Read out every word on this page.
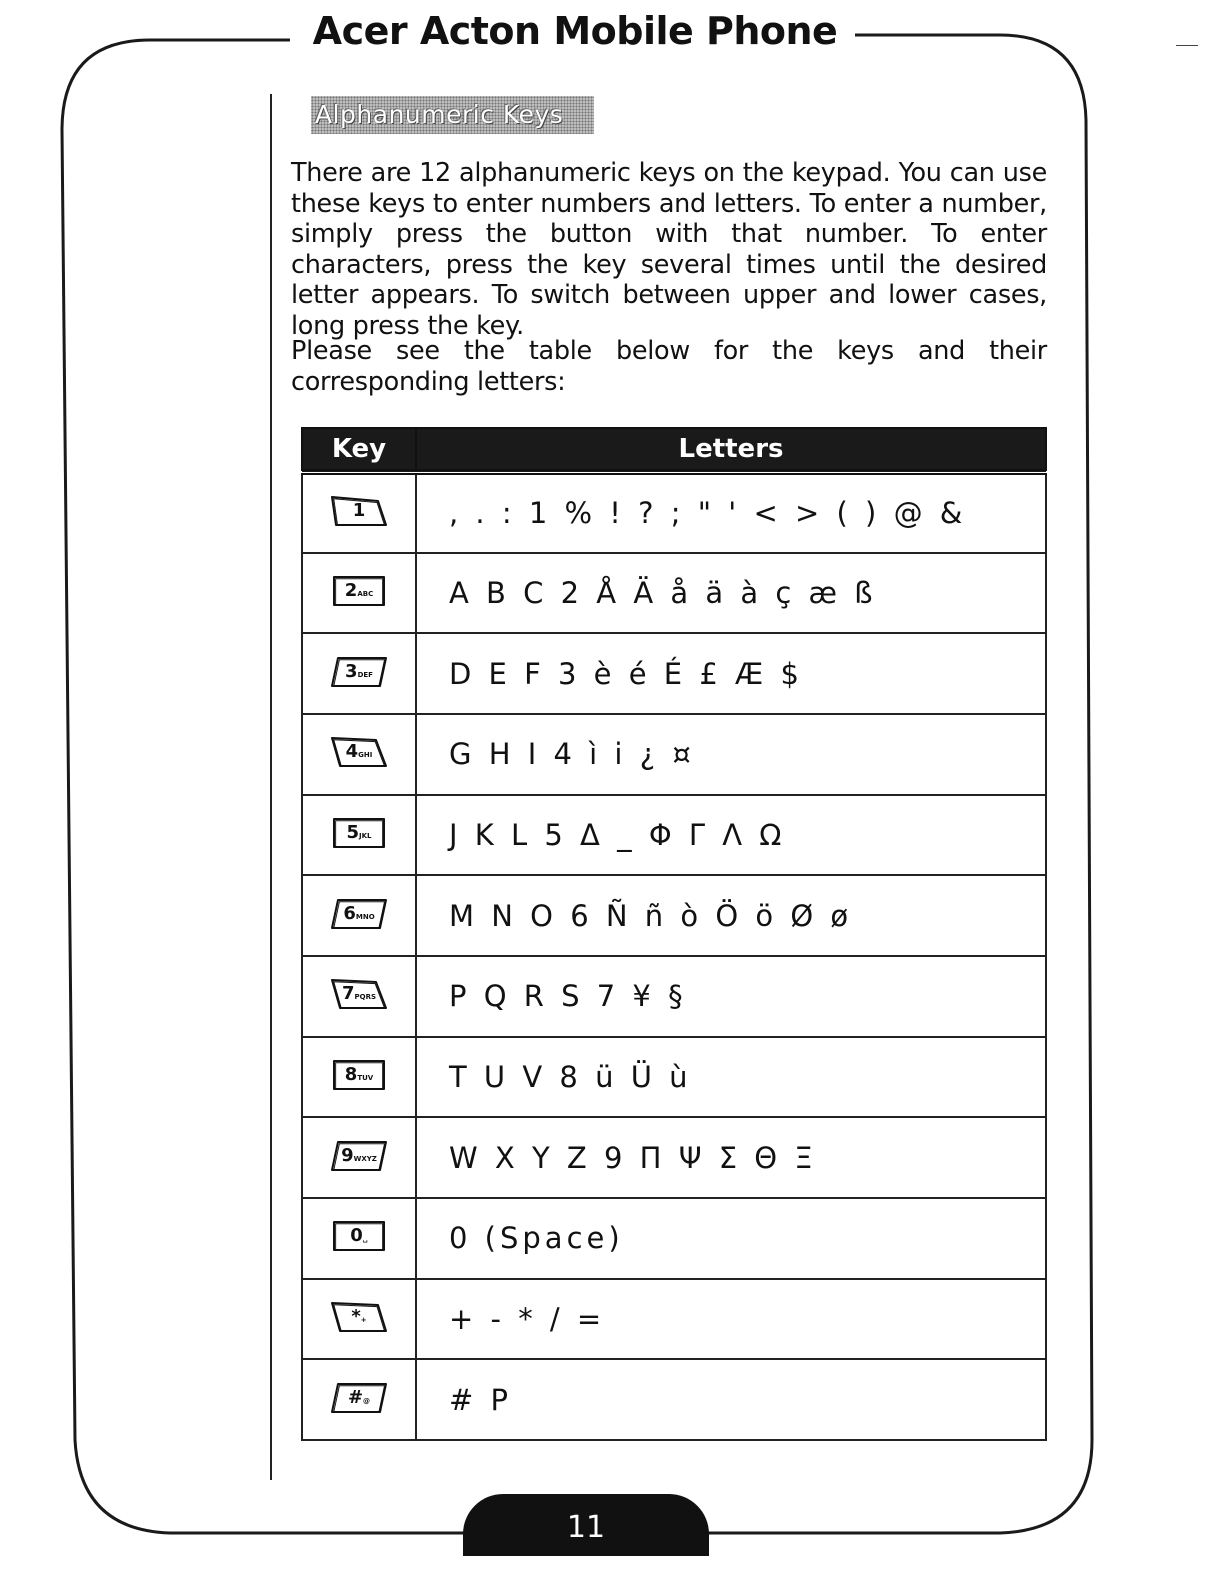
Acer Acton Mobile Phone
Alphanumeric Keys

There are 12 alphanumeric keys on the keypad. You can use these keys to enter numbers and letters. To enter a number, simply press the button with that number. To enter characters, press the key several times until the desired letter appears. To switch between upper and lower cases, long press the key.

Please see the table below for the keys and their corresponding letters:

Key	Letters

1	, . : 1 % ! ? ; " ' < > ( ) @ &

2ABC	A B C 2 Å Ä å ä à ç æ ß

3DEF	D E F 3 è é É £ Æ $

4GHI	G H I 4 ì i ¿ ¤

5JKL	J K L 5 Δ _ Φ Γ Λ Ω

6MNO	M N O 6 Ñ ñ ò Ö ö Ø ø

7PQRS	P Q R S 7 ¥ §

8TUV	T U V 8 ü Ü ù

9WXYZ	W X Y Z 9 Π Ψ Σ Θ Ξ

0␣	0 (Space)

*+	+ - * / =

#@	# P
11
